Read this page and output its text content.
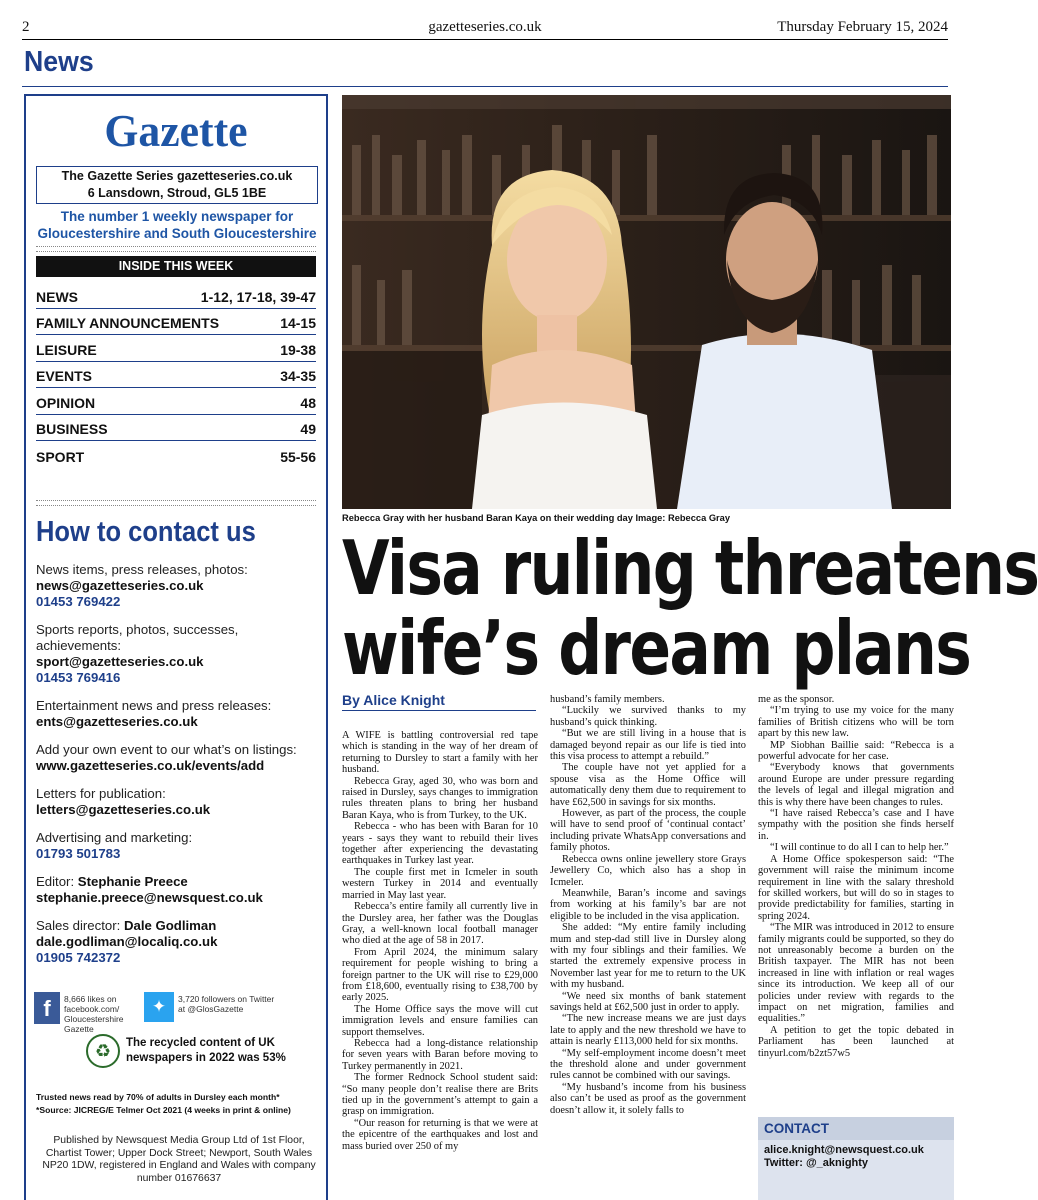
2	gazetteseries.co.uk	Thursday February 15, 2024
News
Gazette
The Gazette Series gazetteseries.co.uk
6 Lansdown, Stroud, GL5 1BE
The number 1 weekly newspaper for Gloucestershire and South Gloucestershire
INSIDE THIS WEEK
NEWS	1-12, 17-18, 39-47
FAMILY ANNOUNCEMENTS	14-15
LEISURE	19-38
EVENTS	34-35
OPINION	48
BUSINESS	49
SPORT	55-56
How to contact us
News items, press releases, photos:
news@gazetteseries.co.uk
01453 769422
Sports reports, photos, successes, achievements:
sport@gazetteseries.co.uk
01453 769416
Entertainment news and press releases:
ents@gazetteseries.co.uk
Add your own event to our what’s on listings:
www.gazetteseries.co.uk/events/add
Letters for publication:
letters@gazetteseries.co.uk
Advertising and marketing:
01793 501783
Editor: Stephanie Preece
stephanie.preece@newsquest.co.uk
Sales director: Dale Godliman
dale.godliman@localiq.co.uk
01905 742372
f	8,666 likes on facebook.com/ Gloucestershire Gazette
✦	3,720 followers on Twitter at @GlosGazette
♻	The recycled content of UK newspapers in 2022 was 53%
Trusted news read by 70% of adults in Dursley each month*
*Source: JICREG/E Telmer Oct 2021 (4 weeks in print & online)
Published by Newsquest Media Group Ltd of 1st Floor, Chartist Tower; Upper Dock Street; Newport, South Wales NP20 1DW, registered in England and Wales with company number 01676637
Rebecca Gray with her husband Baran Kaya on their wedding day Image: Rebecca Gray
Visa ruling threatens
wife’s dream plans
By Alice Knight

A WIFE is battling controversial red tape which is standing in the way of her dream of returning to Dursley to start a family with her husband.

Rebecca Gray, aged 30, who was born and raised in Dursley, says changes to immigration rules threaten plans to bring her husband Baran Kaya, who is from Turkey, to the UK.

Rebecca - who has been with Baran for 10 years - says they want to rebuild their lives together after experiencing the devastating earthquakes in Turkey last year.

The couple first met in Icmeler in south western Turkey in 2014 and eventually married in May last year.

Rebecca’s entire family all currently live in the Dursley area, her father was the Douglas Gray, a well-known local football manager who died at the age of 58 in 2017.

From April 2024, the minimum salary requirement for people wishing to bring a foreign partner to the UK will rise to £29,000 from £18,600, eventually rising to £38,700 by early 2025.

The Home Office says the move will cut immigration levels and ensure families can support themselves.

Rebecca had a long-distance relationship for seven years with Baran before moving to Turkey permanently in 2021.

The former Rednock School student said: “So many people don’t realise there are Brits tied up in the government’s attempt to gain a grasp on immigration.

“Our reason for returning is that we were at the epicentre of the earthquakes and lost and mass buried over 250 of my

husband’s family members.

“Luckily we survived thanks to my husband’s quick thinking.

“But we are still living in a house that is damaged beyond repair as our life is tied into this visa process to attempt a rebuild.”

The couple have not yet applied for a spouse visa as the Home Office will automatically deny them due to requirement to have £62,500 in savings for six months.

However, as part of the process, the couple will have to send proof of ‘continual contact’ including private WhatsApp conversations and family photos.

Rebecca owns online jewellery store Grays Jewellery Co, which also has a shop in Icmeler.

Meanwhile, Baran’s income and savings from working at his family’s bar are not eligible to be included in the visa application.

She added: “My entire family including mum and step-dad still live in Dursley along with my four siblings and their families. We started the extremely expensive process in November last year for me to return to the UK with my husband.

“We need six months of bank statement savings held at £62,500 just in order to apply.

“The new increase means we are just days late to apply and the new threshold we have to attain is nearly £113,000 held for six months.

“My self-employment income doesn’t meet the threshold alone and under government rules cannot be combined with our savings.

“My husband’s income from his business also can’t be used as proof as the government doesn’t allow it, it solely falls to

me as the sponsor.

“I’m trying to use my voice for the many families of British citizens who will be torn apart by this new law.

MP Siobhan Baillie said: “Rebecca is a powerful advocate for her case.

“Everybody knows that governments around Europe are under pressure regarding the levels of legal and illegal migration and this is why there have been changes to rules.

“I have raised Rebecca’s case and I have sympathy with the position she finds herself in.

“I will continue to do all I can to help her.”

A Home Office spokesperson said: “The government will raise the minimum income requirement in line with the salary threshold for skilled workers, but will do so in stages to provide predictability for families, starting in spring 2024.

“The MIR was introduced in 2012 to ensure family migrants could be supported, so they do not unreasonably become a burden on the British taxpayer. The MIR has not been increased in line with inflation or real wages since its introduction. We keep all of our policies under review with regards to the impact on net migration, families and equalities.”

A petition to get the topic debated in Parliament has been launched at tinyurl.com/b2zt57w5

CONTACT
alice.knight@newsquest.co.uk
Twitter: @_aknighty
